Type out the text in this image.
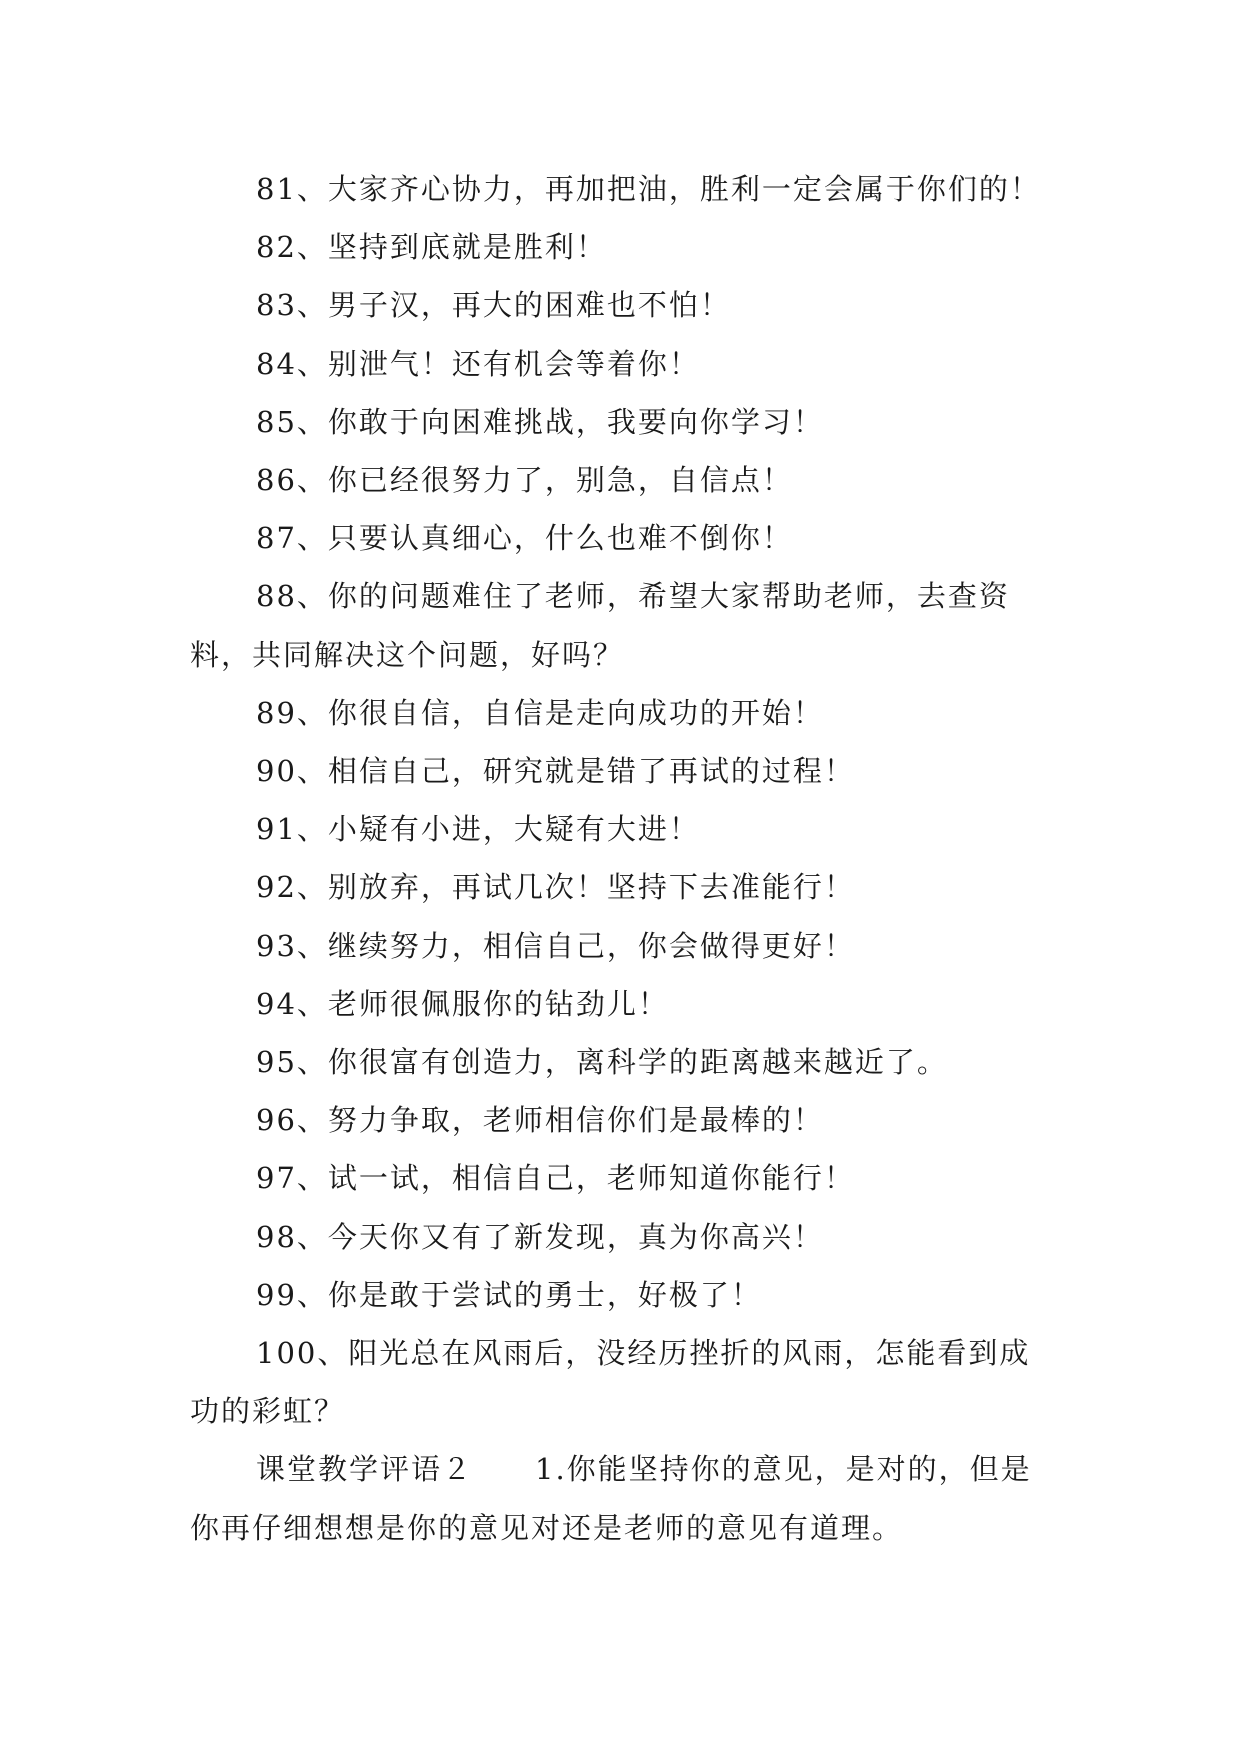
81、大家齐心协力，再加把油，胜利一定会属于你们的！

82、坚持到底就是胜利！

83、男子汉，再大的困难也不怕！

84、别泄气！还有机会等着你！

85、你敢于向困难挑战，我要向你学习！

86、你已经很努力了，别急，自信点！

87、只要认真细心，什么也难不倒你！

88、你的问题难住了老师，希望大家帮助老师，去查资料，共同解决这个问题，好吗？

89、你很自信，自信是走向成功的开始！

90、相信自己，研究就是错了再试的过程！

91、小疑有小进，大疑有大进！

92、别放弃，再试几次！坚持下去准能行！

93、继续努力，相信自己，你会做得更好！

94、老师很佩服你的钻劲儿！

95、你很富有创造力，离科学的距离越来越近了。

96、努力争取，老师相信你们是最棒的！

97、试一试，相信自己，老师知道你能行！

98、今天你又有了新发现，真为你高兴！

99、你是敢于尝试的勇士，好极了！

100、阳光总在风雨后，没经历挫折的风雨，怎能看到成功的彩虹？

课堂教学评语２　　1.你能坚持你的意见，是对的，但是你再仔细想想是你的意见对还是老师的意见有道理。
